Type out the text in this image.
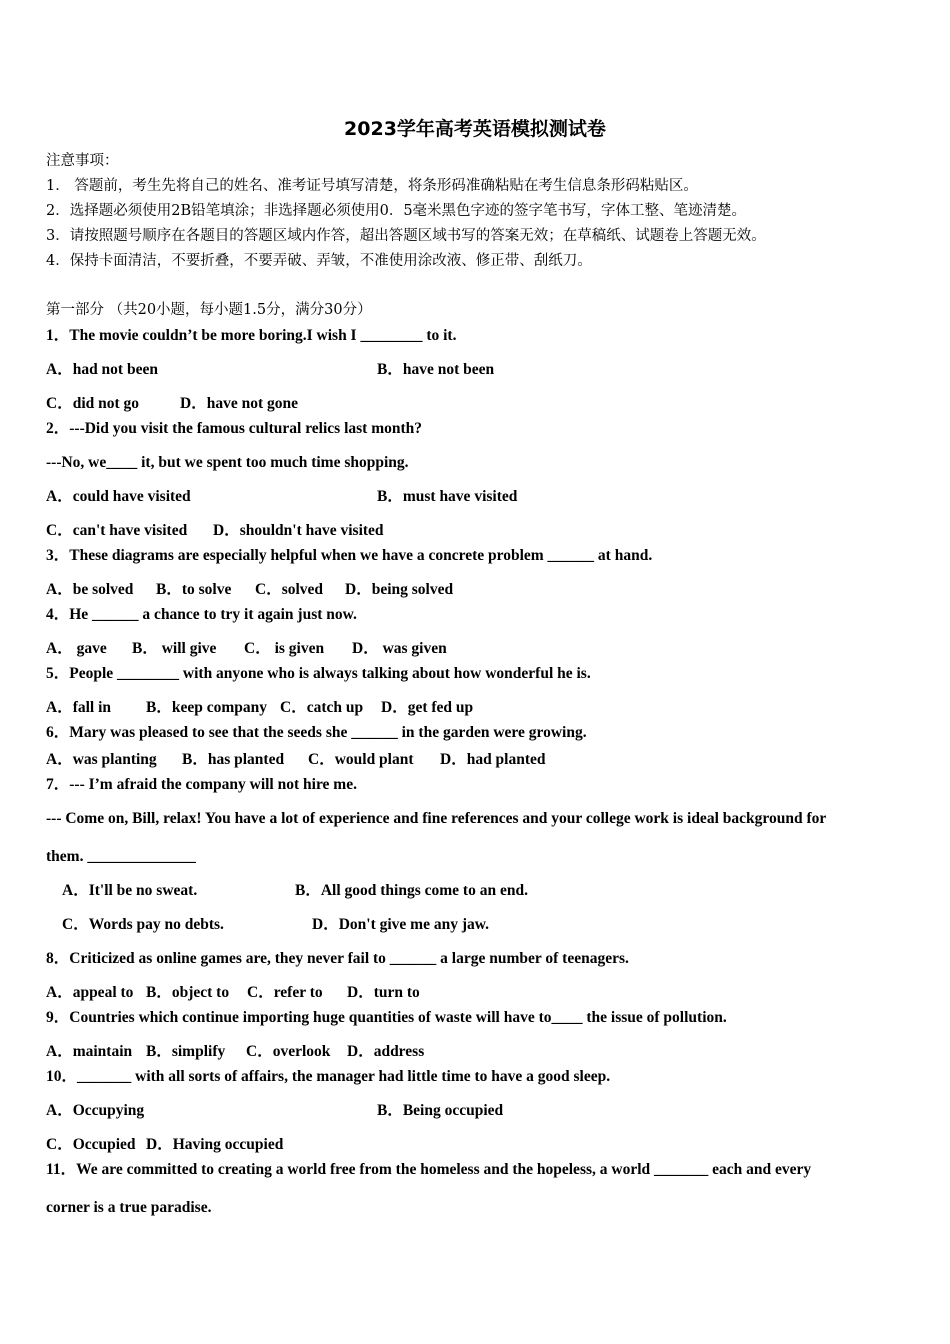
2023学年高考英语模拟测试卷
注意事项：
1． 答题前，考生先将自己的姓名、准考证号填写清楚，将条形码准确粘贴在考生信息条形码粘贴区。
2．选择题必须使用2B铅笔填涂；非选择题必须使用0．5毫米黑色字迹的签字笔书写，字体工整、笔迹清楚。
3．请按照题号顺序在各题目的答题区域内作答，超出答题区域书写的答案无效；在草稿纸、试题卷上答题无效。
4．保持卡面清洁，不要折叠，不要弄破、弄皱，不准使用涂改液、修正带、刮纸刀。
第一部分 （共20小题，每小题1.5分，满分30分）
1．The movie couldn’t be more boring.I wish I ________ to it.
A．had not been	B．have not been
C．did not go	D．have not gone
2．---Did you visit the famous cultural relics last month?
---No, we____ it, but we spent too much time shopping.
A．could have visited	B．must have visited
C．can't have visited D．shouldn't have visited
3．These diagrams are especially helpful when we have a concrete problem ______ at hand.
A．be solved B．to solve C．solved D．being solved
4．He ______ a chance to try it again just now.
A． gave B． will give C． is given D． was given
5．People ________ with anyone who is always talking about how wonderful he is.
A．fall in B．keep company C．catch up D．get fed up
6．Mary was pleased to see that the seeds she ______ in the garden were growing.
A．was planting B．has planted C．would plant D．had planted
7．--- I’m afraid the company will not hire me.
--- Come on, Bill, relax! You have a lot of experience and fine references and your college work is ideal background for
them. ______________
A．It'll be no sweat.	B．All good things come to an end.
C．Words pay no debts.	D．Don't give me any jaw.
8．Criticized as online games are, they never fail to ______ a large number of teenagers.
A．appeal to B．object to C．refer to D．turn to
9．Countries which continue importing huge quantities of waste will have to____ the issue of pollution.
A．maintain B．simplify C．overlook D．address
10．_______ with all sorts of affairs, the manager had little time to have a good sleep.
A．Occupying	B．Being occupied
C．Occupied D．Having occupied
11．We are committed to creating a world free from the homeless and the hopeless, a world _______ each and every
corner is a true paradise.
